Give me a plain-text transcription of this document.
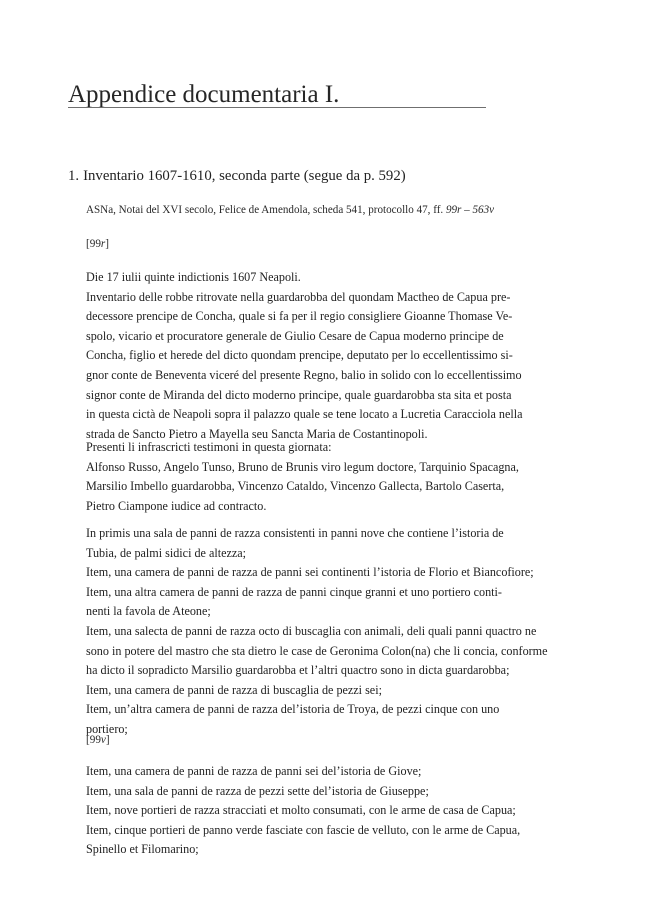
Appendice documentaria I.
1. Inventario 1607-1610, seconda parte (segue da p. 592)

ASNa, Notai del XVI secolo, Felice de Amendola, scheda 541, protocollo 47, ff. 99r – 563v

[99r]

Die 17 iulii quinte indictionis 1607 Neapoli.
Inventario delle robbe ritrovate nella guardarobba del quondam Mactheo de Capua pre-
decessore prencipe de Concha, quale si fa per il regio consigliere Gioanne Thomase Ve-
spolo, vicario et procuratore generale de Giulio Cesare de Capua moderno principe de
Concha, figlio et herede del dicto quondam prencipe, deputato per lo eccellentissimo si-
gnor conte de Beneventa viceré del presente Regno, balio in solido con lo eccellentissimo
signor conte de Miranda del dicto moderno principe, quale guardarobba sta sita et posta
in questa cictà de Neapoli sopra il palazzo quale se tene locato a Lucretia Caracciola nella
strada de Sancto Pietro a Mayella seu Sancta Maria de Costantinopoli.
Presenti li infrascricti testimoni in questa giornata:
Alfonso Russo, Angelo Tunso, Bruno de Brunis viro legum doctore, Tarquinio Spacagna,
Marsilio Imbello guardarobba, Vincenzo Cataldo, Vincenzo Gallecta, Bartolo Caserta,
Pietro Ciampone iudice ad contracto.
In primis una sala de panni de razza consistenti in panni nove che contiene l’istoria de
Tubia, de palmi sidici de altezza;
Item, una camera de panni de razza de panni sei continenti l’istoria de Florio et Biancofiore;
Item, una altra camera de panni de razza de panni cinque granni et uno portiero conti-
nenti la favola de Ateone;
Item, una salecta de panni de razza octo di buscaglia con animali, deli quali panni quactro ne
sono in potere del mastro che sta dietro le case de Geronima Colon(na) che li concia, conforme
ha dicto il sopradicto Marsilio guardarobba et l’altri quactro sono in dicta guardarobba;
Item, una camera de panni de razza di buscaglia de pezzi sei;
Item, un’altra camera de panni de razza del’istoria de Troya, de pezzi cinque con uno
portiero;

[99v]

Item, una camera de panni de razza de panni sei del’istoria de Giove;
Item, una sala de panni de razza de pezzi sette del’istoria de Giuseppe;
Item, nove portieri de razza stracciati et molto consumati, con le arme de casa de Capua;
Item, cinque portieri de panno verde fasciate con fascie de velluto, con le arme de Capua,
Spinello et Filomarino;
